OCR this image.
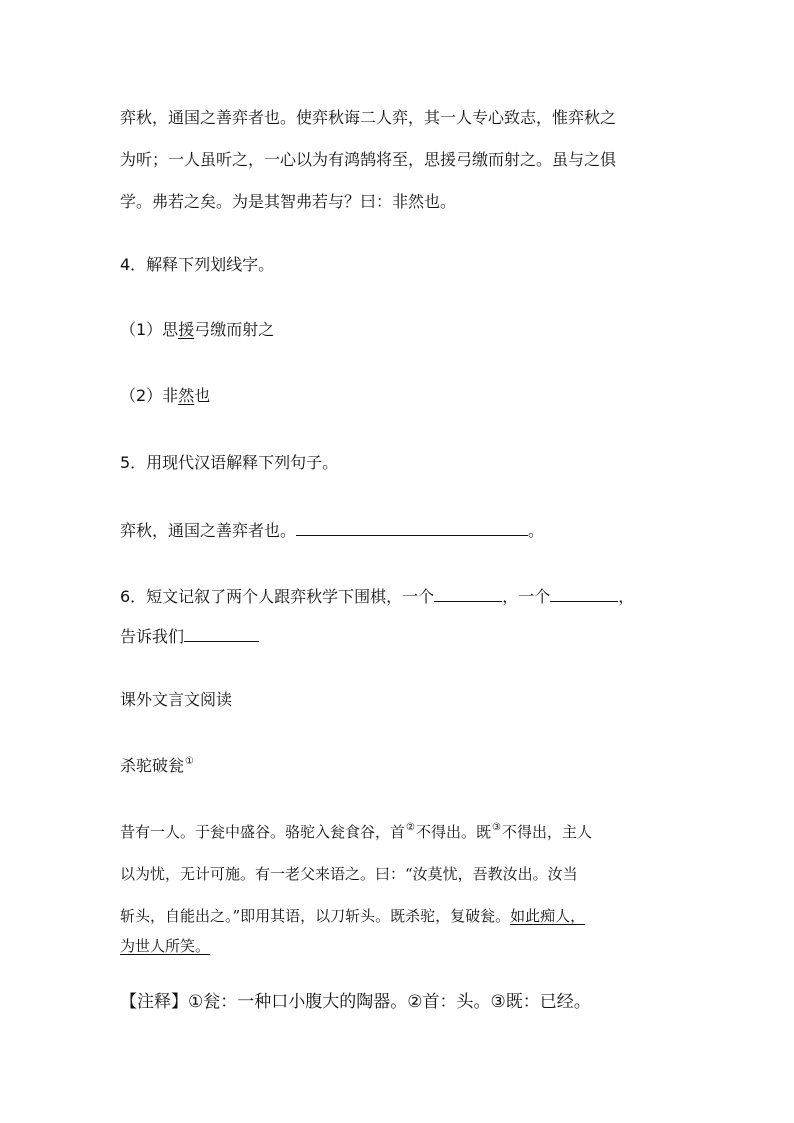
弈秋，通国之善弈者也。使弈秋诲二人弈，其一人专心致志，惟弈秋之
为听；一人虽听之，一心以为有鸿鹄将至，思援弓缴而射之。虽与之俱
学。弗若之矣。为是其智弗若与？曰：非然也。
4．解释下列划线字。
（1）思援弓缴而射之
（2）非然也
5．用现代汉语解释下列句子。
弈秋，通国之善弈者也。	。
6．短文记叙了两个人跟弈秋学下围棋，一个	，一个	，
告诉我们
课外文言文阅读
杀驼破瓮①
昔有一人。于瓮中盛谷。骆驼入瓮食谷，首②不得出。既③不得出，主人
以为忧，无计可施。有一老父来语之。曰：“汝莫忧，吾教汝出。汝当
斩头，自能出之。”即用其语，以刀斩头。既杀驼，复破瓮。如此痴人，
为世人所笑。
【注释】①瓮：一种口小腹大的陶器。②首：头。③既：已经。
